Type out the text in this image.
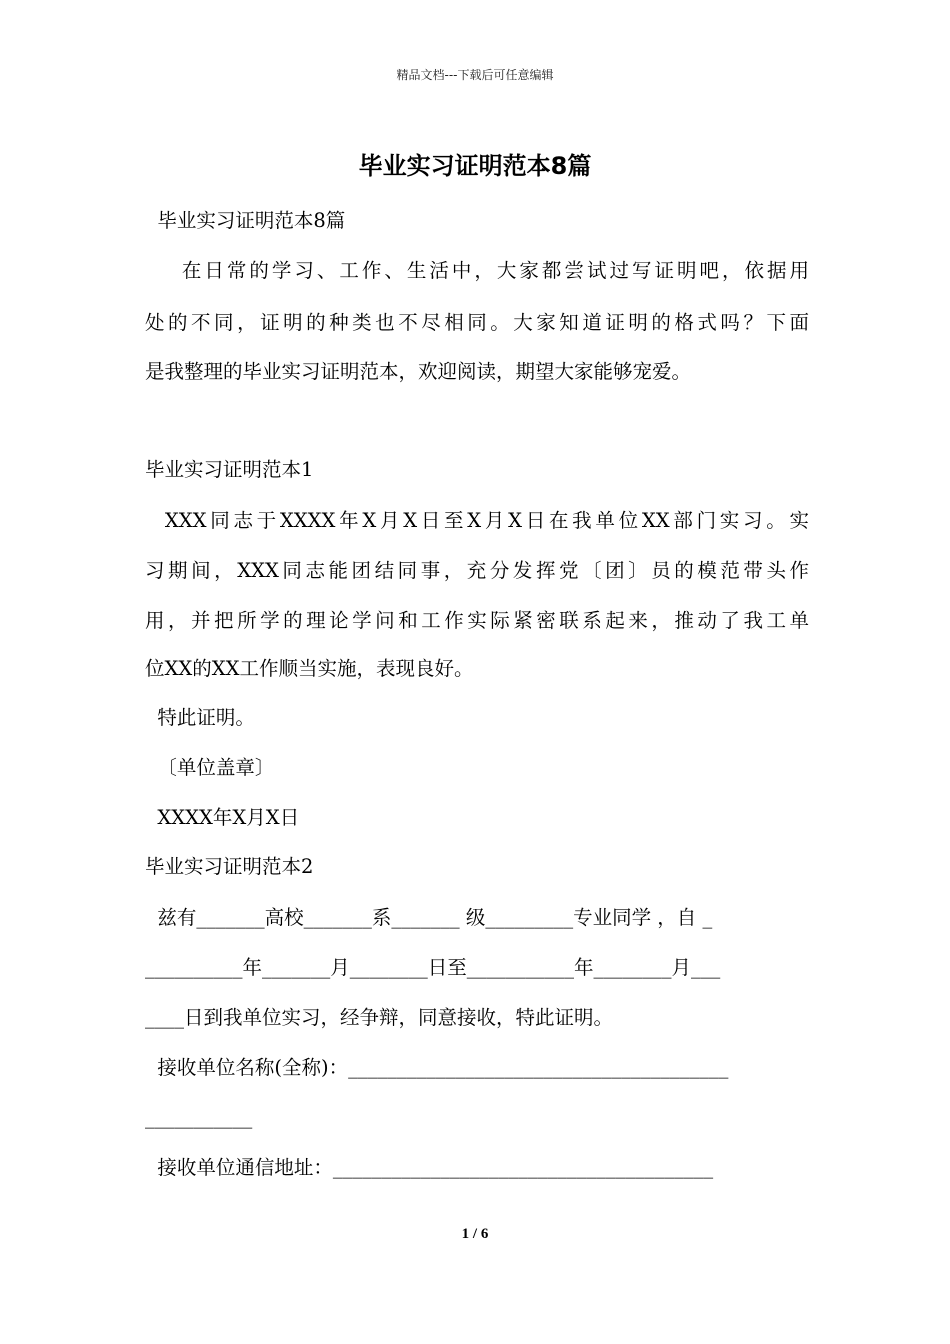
精品文档---下载后可任意编辑
毕业实习证明范本8篇
毕业实习证明范本8篇
在日常的学习、工作、生活中，大家都尝试过写证明吧，依据用
处的不同，证明的种类也不尽相同。大家知道证明的格式吗？下面
是我整理的毕业实习证明范本，欢迎阅读，期望大家能够宠爱。
毕业实习证明范本1
XXX同志于XXXX年X月X日至X月X日在我单位XX部门实习。实
习期间，XXX同志能团结同事，充分发挥党〔团〕员的模范带头作
用，并把所学的理论学问和工作实际紧密联系起来，推动了我工单
位XX的XX工作顺当实施，表现良好。
特此证明。
〔单位盖章〕
XXXX年X月X日
毕业实习证明范本2
兹有_______高校_______系_______ 级_________专业同学 ，自 _
__________年_______月________日至___________年________月___
____日到我单位实习，经争辩，同意接收，特此证明。
接收单位名称(全称)：_______________________________________
___________
接收单位通信地址：_______________________________________
1 / 6
